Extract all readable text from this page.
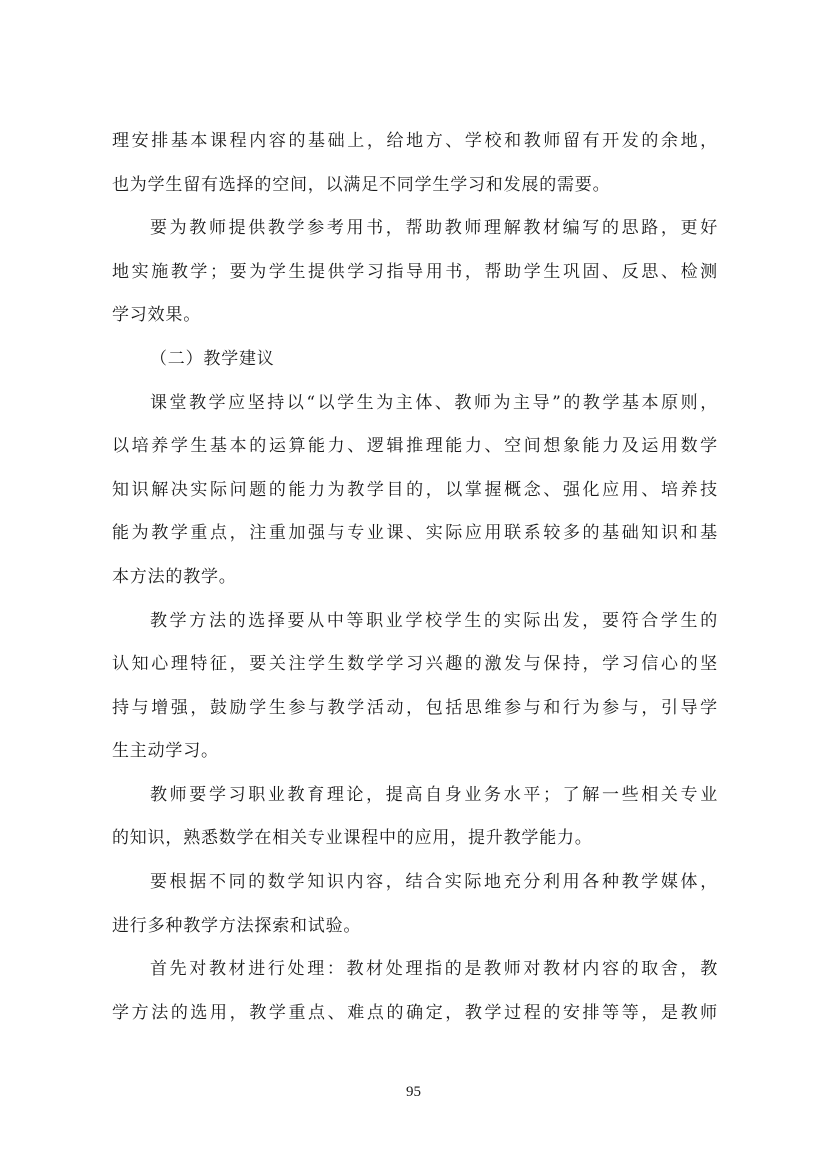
理安排基本课程内容的基础上，给地方、学校和教师留有开发的余地，
也为学生留有选择的空间，以满足不同学生学习和发展的需要。
要为教师提供教学参考用书，帮助教师理解教材编写的思路，更好
地实施教学；要为学生提供学习指导用书，帮助学生巩固、反思、检测
学习效果。
（二）教学建议
课堂教学应坚持以“以学生为主体、教师为主导”的教学基本原则，
以培养学生基本的运算能力、逻辑推理能力、空间想象能力及运用数学
知识解决实际问题的能力为教学目的，以掌握概念、强化应用、培养技
能为教学重点，注重加强与专业课、实际应用联系较多的基础知识和基
本方法的教学。
教学方法的选择要从中等职业学校学生的实际出发，要符合学生的
认知心理特征，要关注学生数学学习兴趣的激发与保持，学习信心的坚
持与增强，鼓励学生参与教学活动，包括思维参与和行为参与，引导学
生主动学习。
教师要学习职业教育理论，提高自身业务水平；了解一些相关专业
的知识，熟悉数学在相关专业课程中的应用，提升教学能力。
要根据不同的数学知识内容，结合实际地充分利用各种教学媒体，
进行多种教学方法探索和试验。
首先对教材进行处理：教材处理指的是教师对教材内容的取舍，教
学方法的选用，教学重点、难点的确定，教学过程的安排等等，是教师
95
